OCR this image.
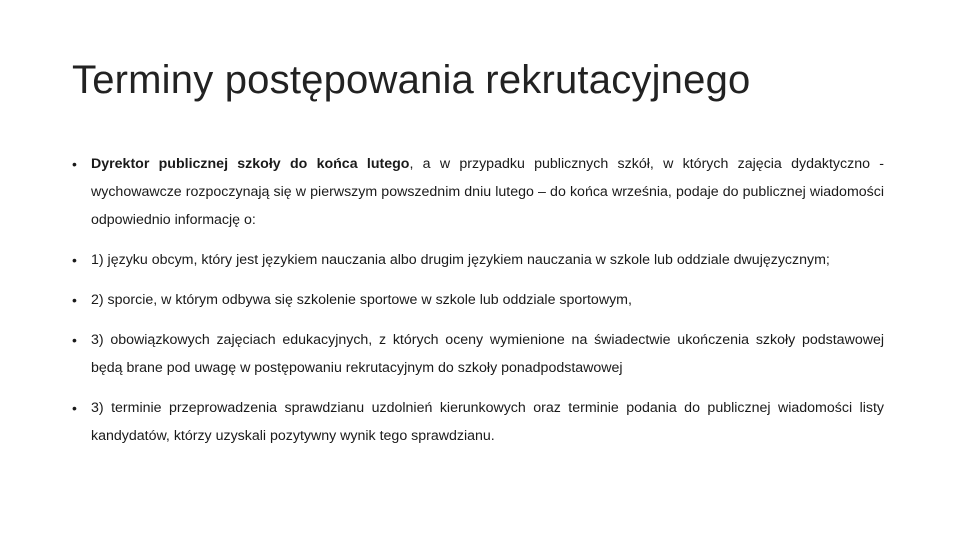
Terminy postępowania rekrutacyjnego
• Dyrektor publicznej szkoły do końca lutego, a w przypadku publicznych szkół, w których zajęcia dydaktyczno -wychowawcze rozpoczynają się w pierwszym powszednim dniu lutego – do końca września, podaje do publicznej wiadomości odpowiednio informację o:
• 1) języku obcym, który jest językiem nauczania albo drugim językiem nauczania w szkole lub oddziale dwujęzycznym;
• 2) sporcie, w którym odbywa się szkolenie sportowe w szkole lub oddziale sportowym,
• 3) obowiązkowych zajęciach edukacyjnych, z których oceny wymienione na świadectwie ukończenia szkoły podstawowej będą brane pod uwagę w postępowaniu rekrutacyjnym do szkoły ponadpodstawowej
• 3) terminie przeprowadzenia sprawdzianu uzdolnień kierunkowych oraz terminie podania do publicznej wiadomości listy kandydatów, którzy uzyskali pozytywny wynik tego sprawdzianu.
